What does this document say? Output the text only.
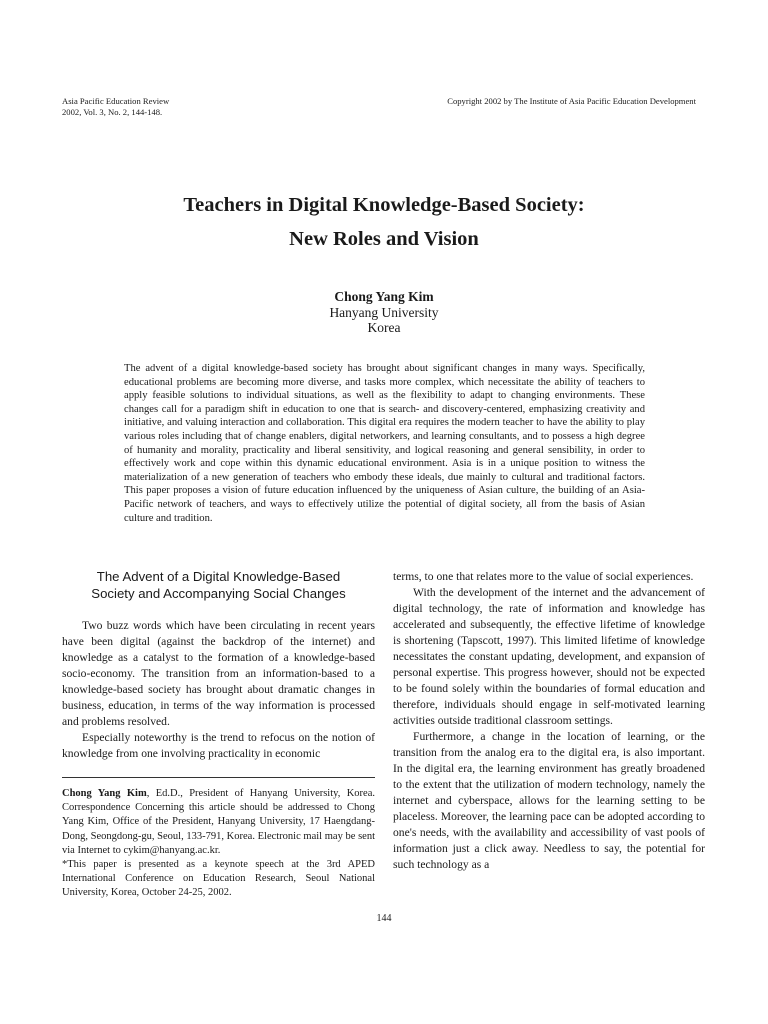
Asia Pacific Education Review
2002, Vol. 3, No. 2, 144-148.
Copyright 2002 by The Institute of Asia Pacific Education Development
Teachers in Digital Knowledge-Based Society:
New Roles and Vision
Chong Yang Kim
Hanyang University
Korea
The advent of a digital knowledge-based society has brought about significant changes in many ways. Specifically, educational problems are becoming more diverse, and tasks more complex, which necessitate the ability of teachers to apply feasible solutions to individual situations, as well as the flexibility to adapt to changing environments. These changes call for a paradigm shift in education to one that is search- and discovery-centered, emphasizing creativity and initiative, and valuing interaction and collaboration. This digital era requires the modern teacher to have the ability to play various roles including that of change enablers, digital networkers, and learning consultants, and to possess a high degree of humanity and morality, practicality and liberal sensitivity, and logical reasoning and general sensibility, in order to effectively work and cope within this dynamic educational environment. Asia is in a unique position to witness the materialization of a new generation of teachers who embody these ideals, due mainly to cultural and traditional factors. This paper proposes a vision of future education influenced by the uniqueness of Asian culture, the building of an Asia-Pacific network of teachers, and ways to effectively utilize the potential of digital society, all from the basis of Asian culture and tradition.
The Advent of a Digital Knowledge-Based
Society and Accompanying Social Changes

Two buzz words which have been circulating in recent years have been digital (against the backdrop of the internet) and knowledge as a catalyst to the formation of a knowledge-based socio-economy. The transition from an information-based to a knowledge-based society has brought about dramatic changes in business, education, in terms of the way information is processed and problems resolved.

Especially noteworthy is the trend to refocus on the notion of knowledge from one involving practicality in economic

Chong Yang Kim, Ed.D., President of Hanyang University, Korea. Correspondence Concerning this article should be addressed to Chong Yang Kim, Office of the President, Hanyang University, 17 Haengdang-Dong, Seongdong-gu, Seoul, 133-791, Korea. Electronic mail may be sent via Internet to cykim@hanyang.ac.kr.
*This paper is presented as a keynote speech at the 3rd APED International Conference on Education Research, Seoul National University, Korea, October 24-25, 2002.

terms, to one that relates more to the value of social experiences.

With the development of the internet and the advancement of digital technology, the rate of information and knowledge has accelerated and subsequently, the effective lifetime of knowledge is shortening (Tapscott, 1997). This limited lifetime of knowledge necessitates the constant updating, development, and expansion of personal expertise. This progress however, should not be expected to be found solely within the boundaries of formal education and therefore, individuals should engage in self-motivated learning activities outside traditional classroom settings.

Furthermore, a change in the location of learning, or the transition from the analog era to the digital era, is also important. In the digital era, the learning environment has greatly broadened to the extent that the utilization of modern technology, namely the internet and cyberspace, allows for the learning setting to be placeless. Moreover, the learning pace can be adopted according to one's needs, with the availability and accessibility of vast pools of information just a click away. Needless to say, the potential for such technology as a

144
